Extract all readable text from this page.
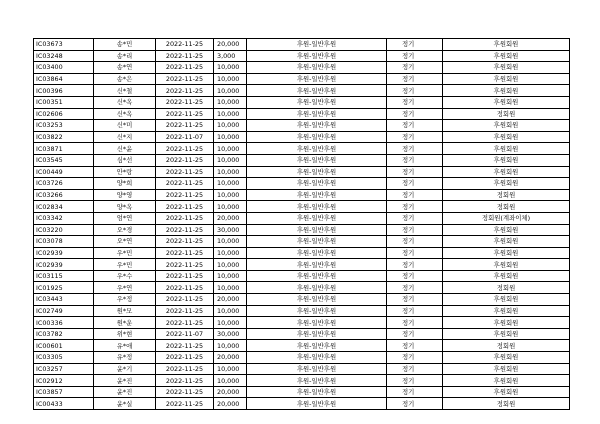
IC03673	송*민	2022-11-25	20,000	후원-일반후원	정기	후원회원
IC03248	송*리	2022-11-25	3,000	후원-일반후원	정기	후원회원
IC03400	송*연	2022-11-25	10,000	후원-일반후원	정기	후원회원
IC03864	송*은	2022-11-25	10,000	후원-일반후원	정기	후원회원
IC00396	신*철	2022-11-25	10,000	후원-일반후원	정기	후원회원
IC00351	신*옥	2022-11-25	10,000	후원-일반후원	정기	후원회원
IC02606	신*옥	2022-11-25	10,000	후원-일반후원	정기	정회원
IC03253	신*미	2022-11-25	10,000	후원-일반후원	정기	후원회원
IC03822	신*지	2022-11-07	10,000	후원-일반후원	정기	후원회원
IC03871	신*윤	2022-11-25	10,000	후원-일반후원	정기	후원회원
IC03545	심*선	2022-11-25	10,000	후원-일반후원	정기	후원회원
IC00449	안*랑	2022-11-25	10,000	후원-일반후원	정기	후원회원
IC03726	양*희	2022-11-25	10,000	후원-일반후원	정기	후원회원
IC03266	양*영	2022-11-25	10,000	후원-일반후원	정기	정회원
IC02834	양*옥	2022-11-25	10,000	후원-일반후원	정기	정회원
IC03342	엄*연	2022-11-25	20,000	후원-일반후원	정기	정회원(계좌이체)
IC03220	오*경	2022-11-25	30,000	후원-일반후원	정기	후원회원
IC03078	오*연	2022-11-25	10,000	후원-일반후원	정기	후원회원
IC02939	우*민	2022-11-25	10,000	후원-일반후원	정기	후원회원
IC02939	우*민	2022-11-25	10,000	후원-일반후원	정기	후원회원
IC03115	우*수	2022-11-25	10,000	후원-일반후원	정기	후원회원
IC01925	우*연	2022-11-25	10,000	후원-일반후원	정기	정회원
IC03443	우*정	2022-11-25	20,000	후원-일반후원	정기	후원회원
IC02749	원*모	2022-11-25	10,000	후원-일반후원	정기	후원회원
IC00336	원*운	2022-11-25	10,000	후원-일반후원	정기	후원회원
IC03782	위*현	2022-11-07	30,000	후원-일반후원	정기	후원회원
IC00601	유*애	2022-11-25	10,000	후원-일반후원	정기	정회원
IC03305	유*정	2022-11-25	20,000	후원-일반후원	정기	후원회원
IC03257	윤*기	2022-11-25	10,000	후원-일반후원	정기	후원회원
IC02912	윤*진	2022-11-25	10,000	후원-일반후원	정기	후원회원
IC03857	윤*진	2022-11-25	20,000	후원-일반후원	정기	후원회원
IC00433	윤*실	2022-11-25	20,000	후원-일반후원	정기	정회원
